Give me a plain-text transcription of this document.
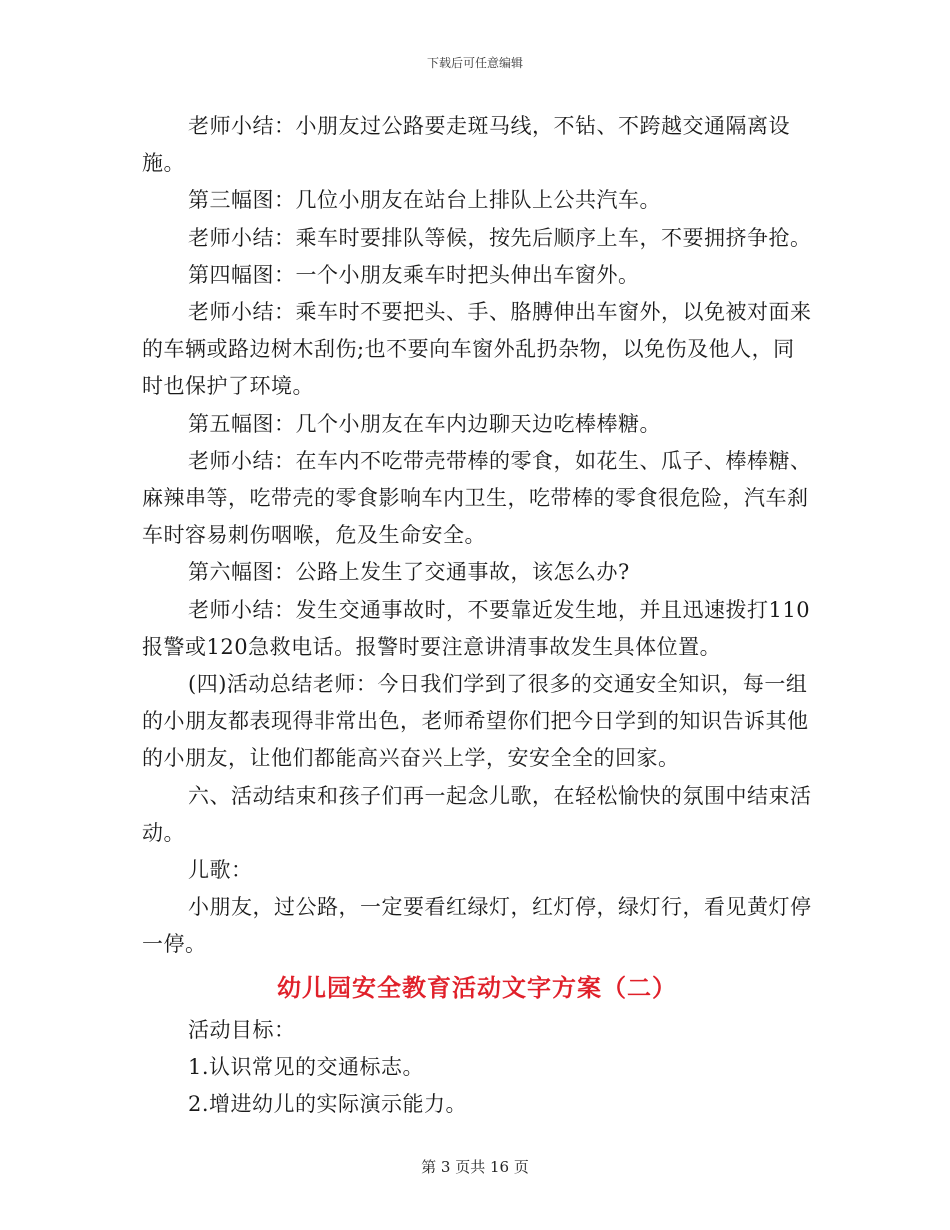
下载后可任意编辑

老师小结：小朋友过公路要走斑马线，不钻、不跨越交通隔离设施。

第三幅图：几位小朋友在站台上排队上公共汽车。

老师小结：乘车时要排队等候，按先后顺序上车，不要拥挤争抢。

第四幅图：一个小朋友乘车时把头伸出车窗外。

老师小结：乘车时不要把头、手、胳膊伸出车窗外，以免被对面来的车辆或路边树木刮伤;也不要向车窗外乱扔杂物，以免伤及他人，同时也保护了环境。

第五幅图：几个小朋友在车内边聊天边吃棒棒糖。

老师小结：在车内不吃带壳带棒的零食，如花生、瓜子、棒棒糖、麻辣串等，吃带壳的零食影响车内卫生，吃带棒的零食很危险，汽车刹车时容易刺伤咽喉，危及生命安全。

第六幅图：公路上发生了交通事故，该怎么办?

老师小结：发生交通事故时，不要靠近发生地，并且迅速拨打110报警或120急救电话。报警时要注意讲清事故发生具体位置。

(四)活动总结老师：今日我们学到了很多的交通安全知识，每一组的小朋友都表现得非常出色，老师希望你们把今日学到的知识告诉其他的小朋友，让他们都能高兴奋兴上学，安安全全的回家。

六、活动结束和孩子们再一起念儿歌，在轻松愉快的氛围中结束活动。

儿歌：

小朋友，过公路，一定要看红绿灯，红灯停，绿灯行，看见黄灯停一停。

幼儿园安全教育活动文字方案（二）

活动目标：

1.认识常见的交通标志。

2.增进幼儿的实际演示能力。

第 3 页共 16 页
